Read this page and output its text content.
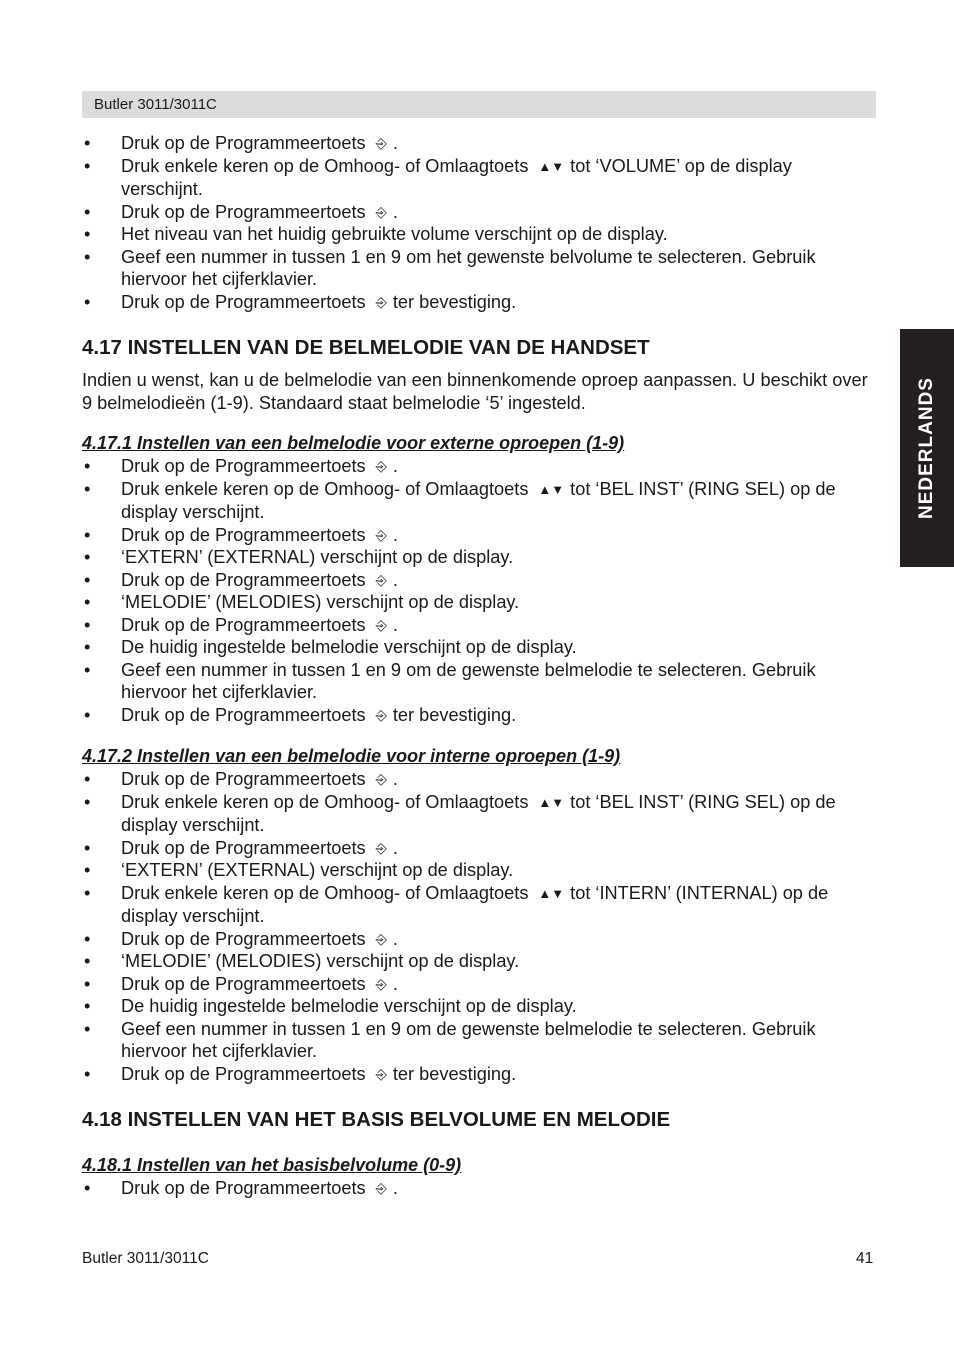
Butler 3011/3011C
NEDERLANDS
•	Druk op de Programmeertoets ⎆ .
•	Druk enkele keren op de Omhoog- of Omlaagtoets ▲▼ tot ‘VOLUME’ op de display verschijnt.
•	Druk op de Programmeertoets ⎆ .
•	Het niveau van het huidig gebruikte volume verschijnt op de display.
•	Geef een nummer in tussen 1 en 9 om het gewenste belvolume te selecteren. Gebruik hiervoor het cijferklavier.
•	Druk op de Programmeertoets ⎆ ter bevestiging.
4.17 INSTELLEN VAN DE BELMELODIE VAN DE HANDSET

Indien u wenst, kan u de belmelodie van een binnenkomende oproep aanpassen. U beschikt over 9 belmelodieën (1-9). Standaard staat belmelodie ‘5’ ingesteld.

4.17.1 Instellen van een belmelodie voor externe oproepen (1-9)
•	Druk op de Programmeertoets ⎆ .
•	Druk enkele keren op de Omhoog- of Omlaagtoets ▲▼ tot ‘BEL INST’ (RING SEL) op de display verschijnt.
•	Druk op de Programmeertoets ⎆ .
•	‘EXTERN’ (EXTERNAL) verschijnt op de display.
•	Druk op de Programmeertoets ⎆ .
•	‘MELODIE’ (MELODIES) verschijnt op de display.
•	Druk op de Programmeertoets ⎆ .
•	De huidig ingestelde belmelodie verschijnt op de display.
•	Geef een nummer in tussen 1 en 9 om de gewenste belmelodie te selecteren. Gebruik hiervoor het cijferklavier.
•	Druk op de Programmeertoets ⎆ ter bevestiging.
4.17.2 Instellen van een belmelodie voor interne oproepen (1-9)
•	Druk op de Programmeertoets ⎆ .
•	Druk enkele keren op de Omhoog- of Omlaagtoets ▲▼ tot ‘BEL INST’ (RING SEL) op de display verschijnt.
•	Druk op de Programmeertoets ⎆ .
•	‘EXTERN’ (EXTERNAL) verschijnt op de display.
•	Druk enkele keren op de Omhoog- of Omlaagtoets ▲▼ tot ‘INTERN’ (INTERNAL) op de display verschijnt.
•	Druk op de Programmeertoets ⎆ .
•	‘MELODIE’ (MELODIES) verschijnt op de display.
•	Druk op de Programmeertoets ⎆ .
•	De huidig ingestelde belmelodie verschijnt op de display.
•	Geef een nummer in tussen 1 en 9 om de gewenste belmelodie te selecteren. Gebruik hiervoor het cijferklavier.
•	Druk op de Programmeertoets ⎆ ter bevestiging.
4.18 INSTELLEN VAN HET BASIS BELVOLUME EN MELODIE
4.18.1 Instellen van het basisbelvolume (0-9)
•	Druk op de Programmeertoets ⎆ .
Butler 3011/3011C	41
